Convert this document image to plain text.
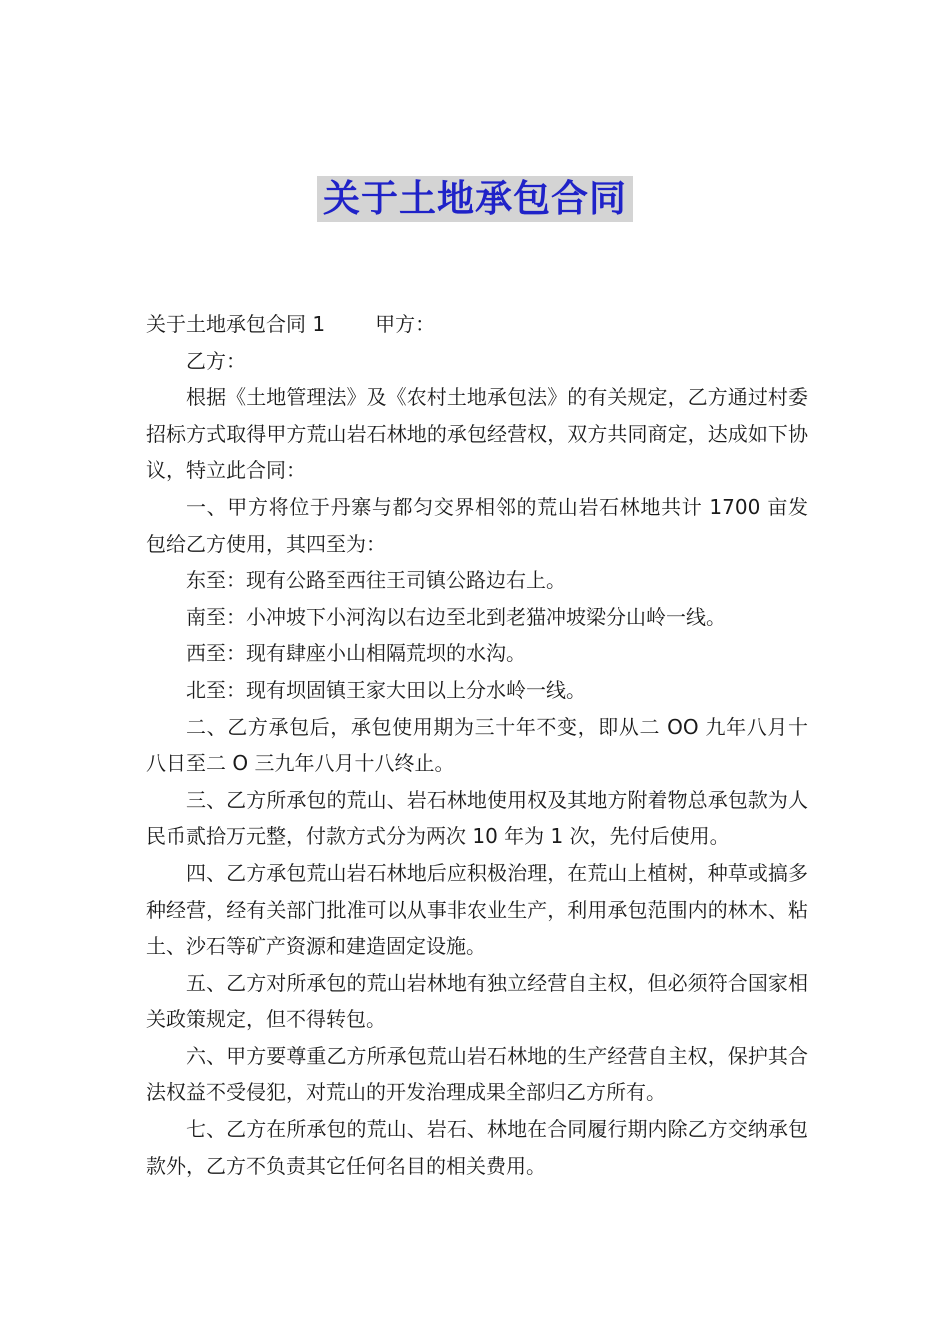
关于土地承包合同

关于土地承包合同 1	甲方：

乙方：

根据《土地管理法》及《农村土地承包法》的有关规定，乙方通过村委招标方式取得甲方荒山岩石林地的承包经营权，双方共同商定，达成如下协议，特立此合同：

一、甲方将位于丹寨与都匀交界相邻的荒山岩石林地共计 1700 亩发包给乙方使用，其四至为：

东至：现有公路至西往王司镇公路边右上。

南至：小冲坡下小河沟以右边至北到老猫冲坡梁分山岭一线。

西至：现有肆座小山相隔荒坝的水沟。

北至：现有坝固镇王家大田以上分水岭一线。

二、乙方承包后，承包使用期为三十年不变，即从二 OO 九年八月十八日至二 O 三九年八月十八终止。

三、乙方所承包的荒山、岩石林地使用权及其地方附着物总承包款为人民币贰拾万元整，付款方式分为两次 10 年为 1 次，先付后使用。

四、乙方承包荒山岩石林地后应积极治理，在荒山上植树，种草或搞多种经营，经有关部门批准可以从事非农业生产，利用承包范围内的林木、粘土、沙石等矿产资源和建造固定设施。

五、乙方对所承包的荒山岩林地有独立经营自主权，但必须符合国家相关政策规定，但不得转包。

六、甲方要尊重乙方所承包荒山岩石林地的生产经营自主权，保护其合法权益不受侵犯，对荒山的开发治理成果全部归乙方所有。

七、乙方在所承包的荒山、岩石、林地在合同履行期内除乙方交纳承包款外，乙方不负责其它任何名目的相关费用。
